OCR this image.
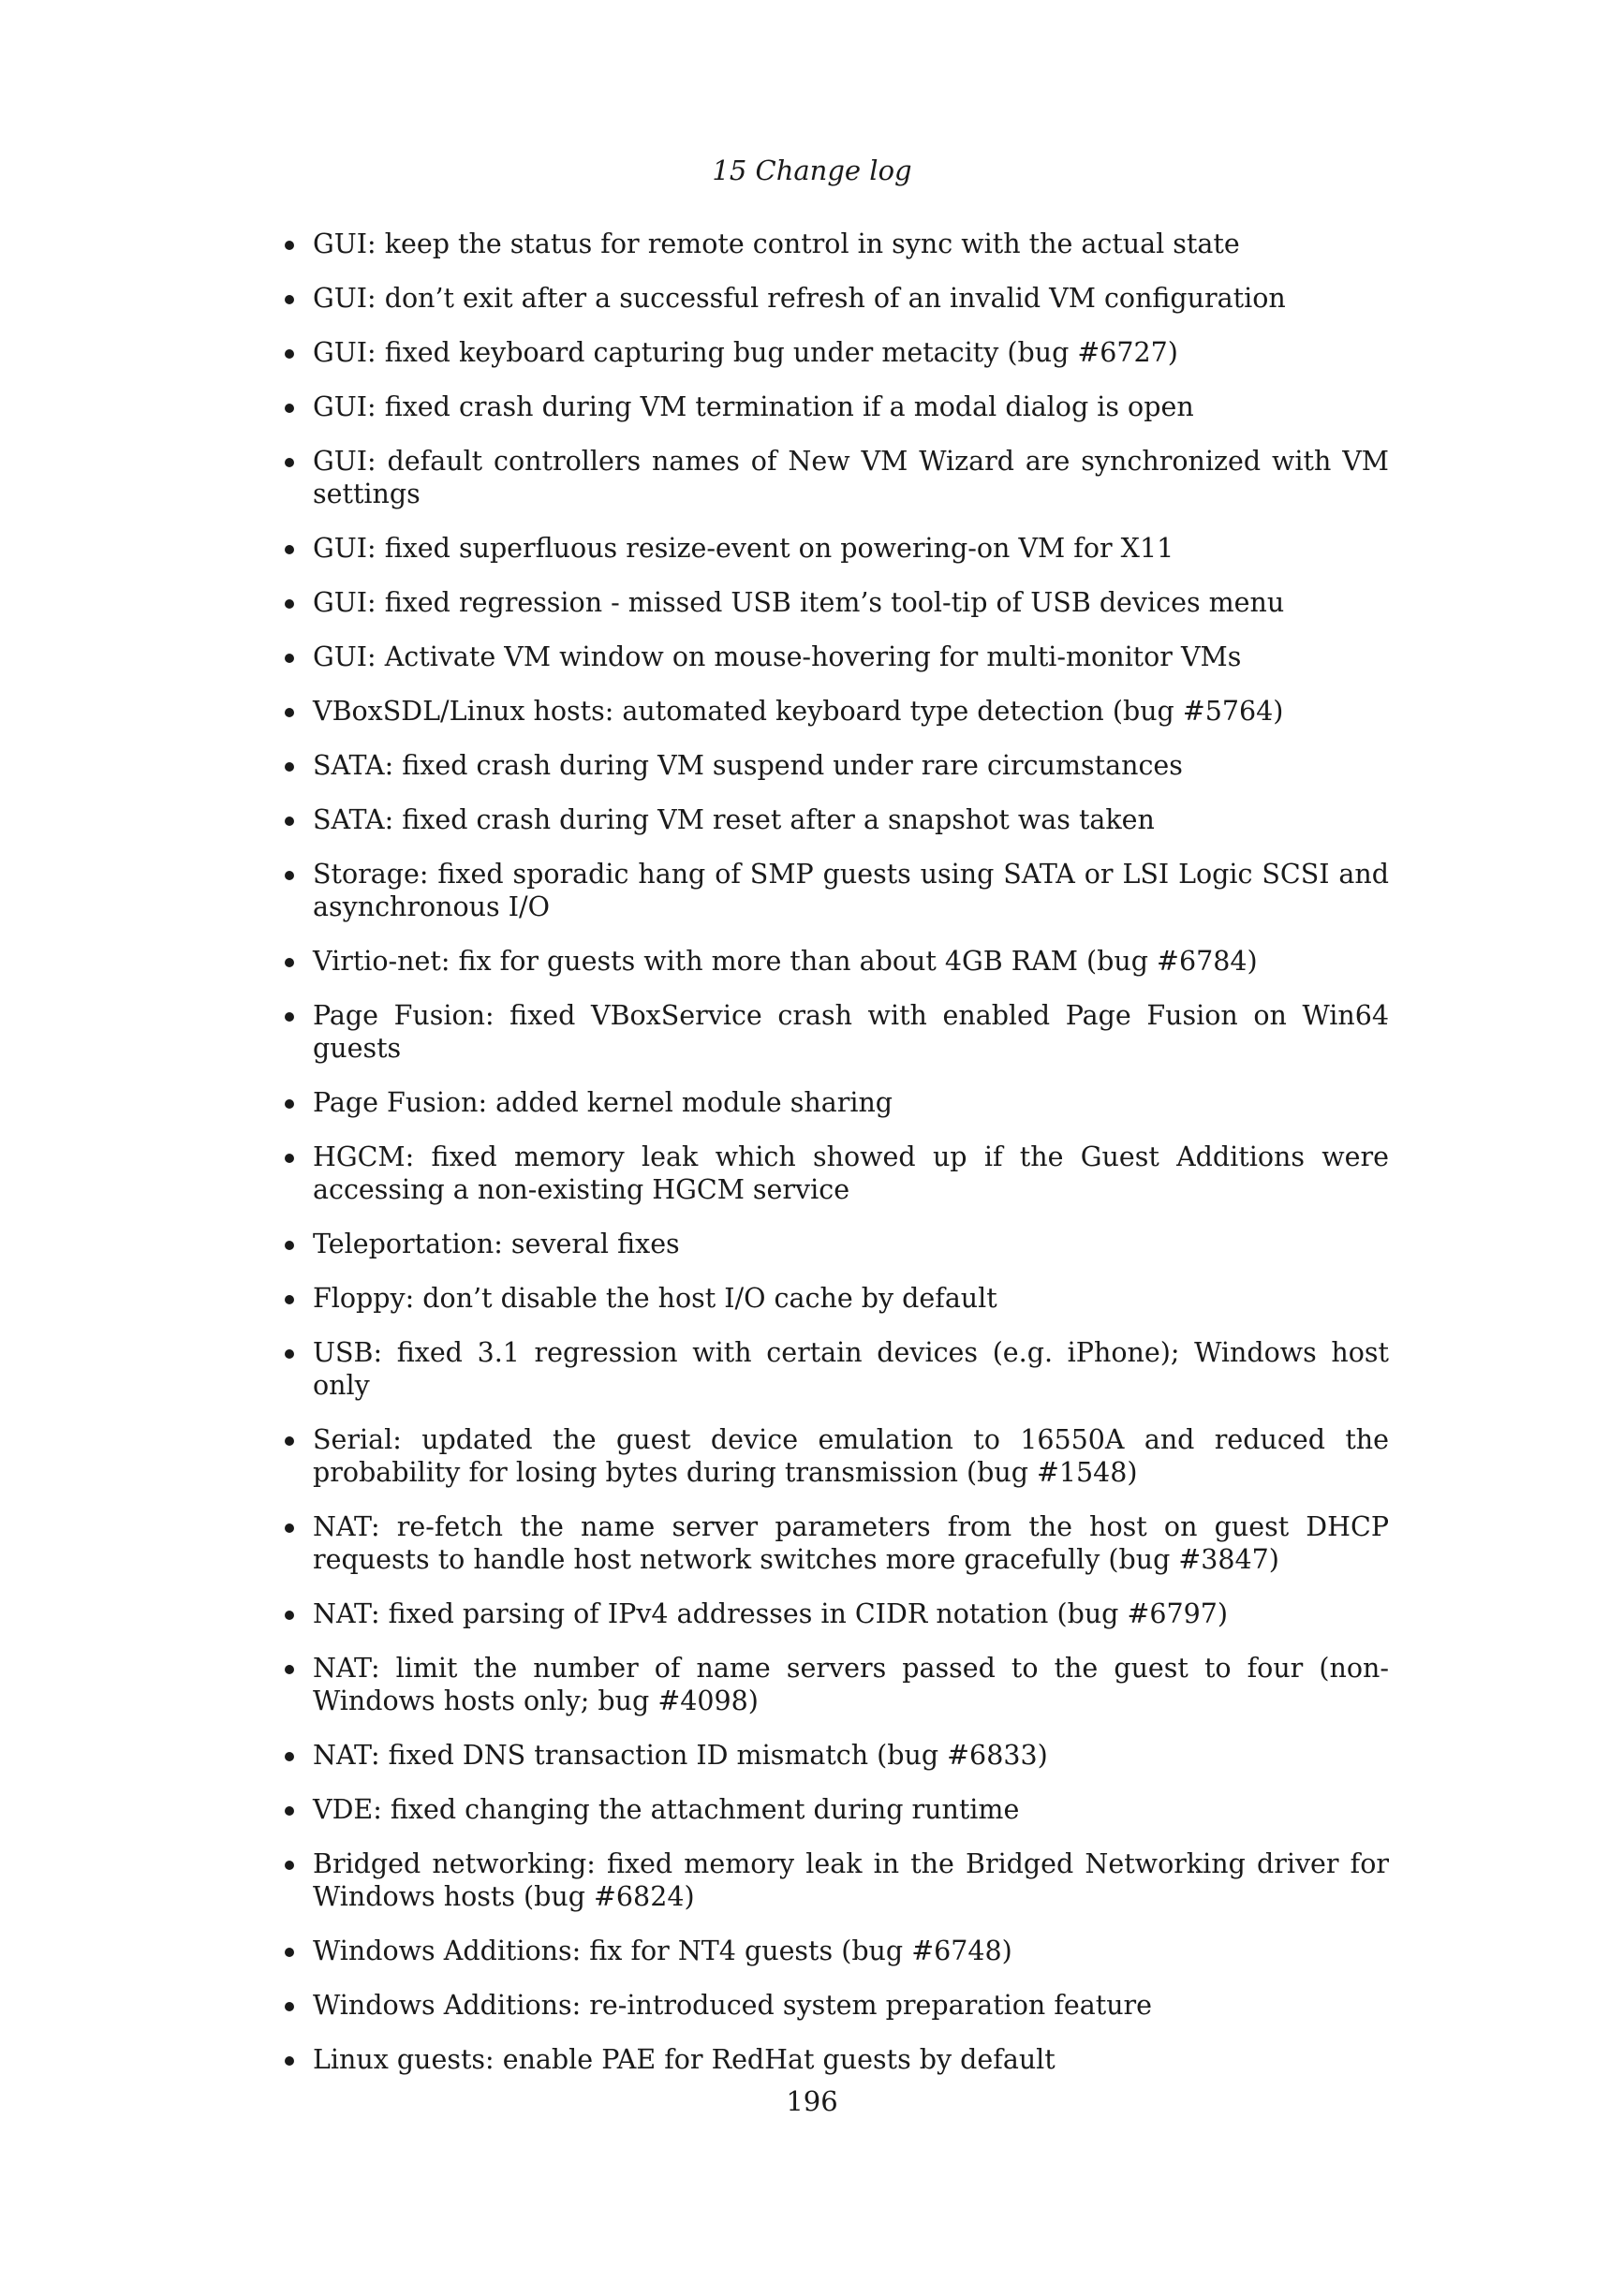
15 Change log
GUI: keep the status for remote control in sync with the actual state
GUI: don’t exit after a successful refresh of an invalid VM configuration
GUI: fixed keyboard capturing bug under metacity (bug #6727)
GUI: fixed crash during VM termination if a modal dialog is open
GUI: default controllers names of New VM Wizard are synchronized with VM settings
GUI: fixed superfluous resize-event on powering-on VM for X11
GUI: fixed regression - missed USB item’s tool-tip of USB devices menu
GUI: Activate VM window on mouse-hovering for multi-monitor VMs
VBoxSDL/Linux hosts: automated keyboard type detection (bug #5764)
SATA: fixed crash during VM suspend under rare circumstances
SATA: fixed crash during VM reset after a snapshot was taken
Storage: fixed sporadic hang of SMP guests using SATA or LSI Logic SCSI and asynchronous I/O
Virtio-net: fix for guests with more than about 4GB RAM (bug #6784)
Page Fusion: fixed VBoxService crash with enabled Page Fusion on Win64 guests
Page Fusion: added kernel module sharing
HGCM: fixed memory leak which showed up if the Guest Additions were accessing a non-existing HGCM service
Teleportation: several fixes
Floppy: don’t disable the host I/O cache by default
USB: fixed 3.1 regression with certain devices (e.g. iPhone); Windows host only
Serial: updated the guest device emulation to 16550A and reduced the probability for losing bytes during transmission (bug #1548)
NAT: re-fetch the name server parameters from the host on guest DHCP requests to handle host network switches more gracefully (bug #3847)
NAT: fixed parsing of IPv4 addresses in CIDR notation (bug #6797)
NAT: limit the number of name servers passed to the guest to four (non-Windows hosts only; bug #4098)
NAT: fixed DNS transaction ID mismatch (bug #6833)
VDE: fixed changing the attachment during runtime
Bridged networking: fixed memory leak in the Bridged Networking driver for Windows hosts (bug #6824)
Windows Additions: fix for NT4 guests (bug #6748)
Windows Additions: re-introduced system preparation feature
Linux guests: enable PAE for RedHat guests by default
196
